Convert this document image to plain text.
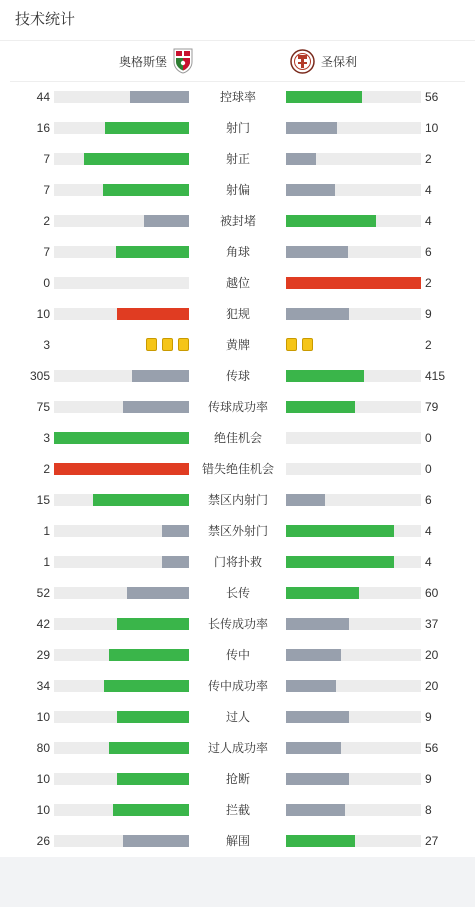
技术统计
奥格斯堡	圣保利
44	控球率	56
16	射门	10
7	射正	2
7	射偏	4
2	被封堵	4
7	角球	6
0	越位	2
10	犯规	9
3	黄牌	2
305	传球	415
75	传球成功率	79
3	绝佳机会	0
2	错失绝佳机会	0
15	禁区内射门	6
1	禁区外射门	4
1	门将扑救	4
52	长传	60
42	长传成功率	37
29	传中	20
34	传中成功率	20
10	过人	9
80	过人成功率	56
10	抢断	9
10	拦截	8
26	解围	27
